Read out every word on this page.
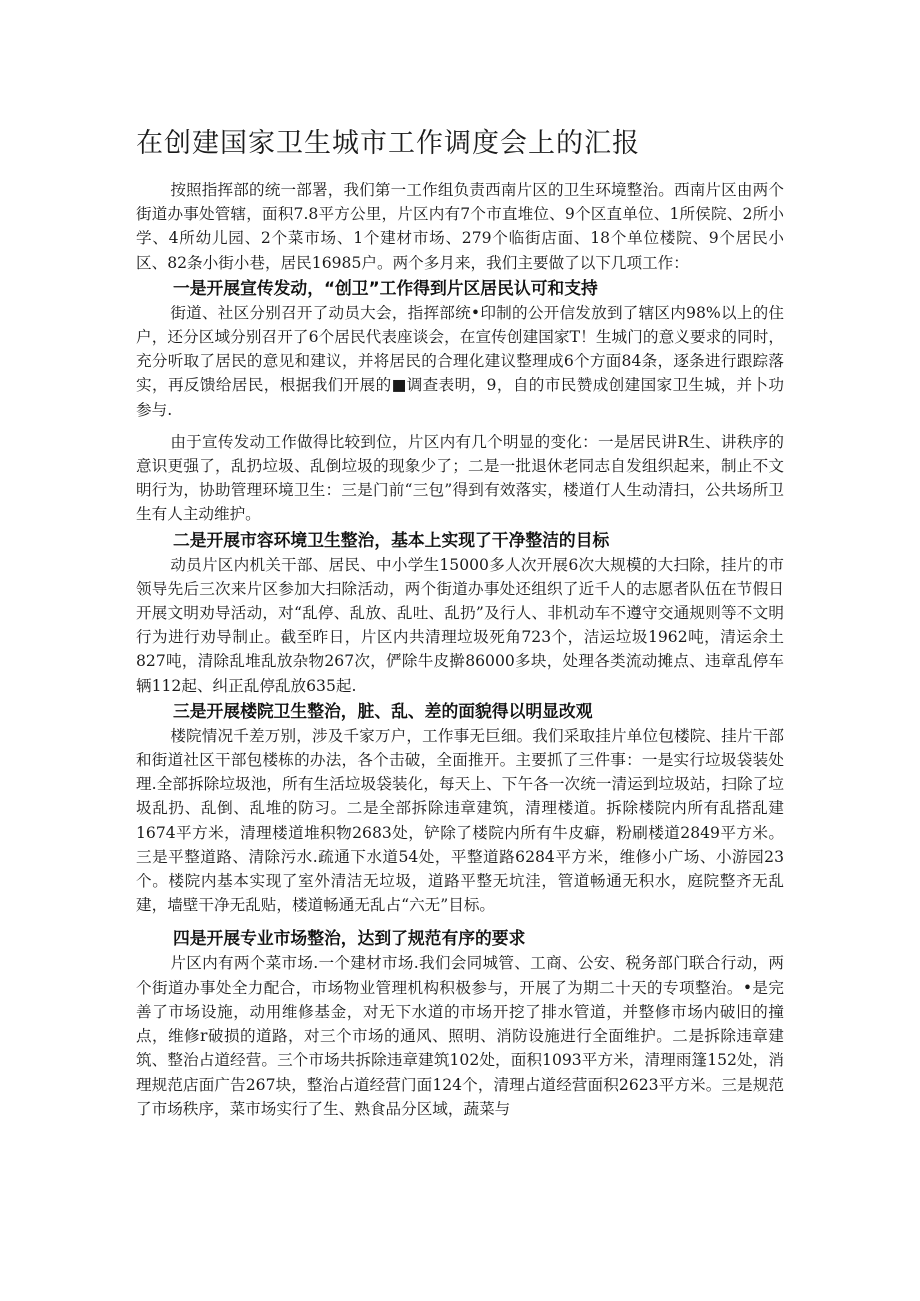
在创建国家卫生城市工作调度会上的汇报

按照指挥部的统一部署，我们第一工作组负责西南片区的卫生环境整治。西南片区由两个街道办事处管辖，面积7.8平方公里，片区内有7个市直堆位、9个区直单位、1所侯院、2所小学、4所幼儿园、2个菜市场、1个建材市场、279个临街店面、18个单位楼院、9个居民小区、82条小街小巷，居民16985户。两个多月来，我们主要做了以下几项工作：

一是开展宣传发动，“创卫”工作得到片区居民认可和支持

街道、社区分别召开了动员大会，指挥部统•印制的公开信发放到了辖区内98%以上的住户，还分区域分别召开了6个居民代表座谈会，在宣传创建国家T！生城门的意义要求的同时，充分听取了居民的意见和建议，并将居民的合理化建议整理成6个方面84条，逐条进行跟踪落实，再反馈给居民，根据我们开展的■调查表明，9，自的市民赞成创建国家卫生城，并卜功参与.

由于宣传发动工作做得比较到位，片区内有几个明显的变化：一是居民讲R生、讲秩序的意识更强了，乱扔垃圾、乱倒垃圾的现象少了；二是一批退休老同志自发组织起来，制止不文明行为，协助管理环境卫生：三是门前“三包”得到有效落实，楼道仃人生动清扫，公共场所卫生有人主动维护。

二是开展市容环境卫生整治，基本上实现了干净整洁的目标

动员片区内机关干部、居民、中小学生15000多人次开展6次大规模的大扫除，挂片的市领导先后三次来片区参加大扫除活动，两个街道办事处还组织了近千人的志愿者队伍在节假日开展文明劝导活动，对“乱停、乱放、乱吐、乱扔”及行人、非机动车不遵守交通规则等不文明行为进行劝导制止。截至昨日，片区内共清理垃圾死角723个，洁运垃圾1962吨，清运余土827吨，清除乱堆乱放杂物267次，俨除牛皮擀86000多块，处理各类流动摊点、违章乱停车辆112起、纠正乱停乱放635起.

三是开展楼院卫生整治，脏、乱、差的面貌得以明显改观

楼院情况千差万别，涉及千家万户，工作事无巨细。我们采取挂片单位包楼院、挂片干部和街道社区干部包楼栋的办法，各个击破，全面推开。主要抓了三件事：一是实行垃圾袋装处理.全部拆除垃圾池，所有生活垃圾袋装化，每天上、下午各一次统一清运到垃圾站，扫除了垃圾乱扔、乱倒、乱堆的防习。二是全部拆除违章建筑，清理楼道。拆除楼院内所有乱搭乱建1674平方米，清理楼道堆积物2683处，铲除了楼院内所有牛皮癖，粉刷楼道2849平方米。三是平整道路、清除污水.疏通下水道54处，平整道路6284平方米，维修小广场、小游园23个。楼院内基本实现了室外清洁无垃圾，道路平整无坑洼，管道畅通无积水，庭院整齐无乱建，墙壁干净无乱贴，楼道畅通无乱占“六无”目标。

四是开展专业市场整治，达到了规范有序的要求

片区内有两个菜市场.一个建材市场.我们会同城管、工商、公安、税务部门联合行动，两个街道办事处全力配合，市场物业管理机构积极参与，开展了为期二十天的专项整治。•是完善了市场设施，动用维修基金，对无下水道的市场开挖了排水管道，并整修市场内破旧的撞点，维修r破损的道路，对三个市场的通风、照明、消防设施进行全面维护。二是拆除违章建筑、整治占道经营。三个市场共拆除违章建筑102处，面积1093平方米，清理雨篷152处，消理规范店面广告267块，整治占道经营门面124个，清理占道经营面积2623平方米。三是规范了市场秩序，菜市场实行了生、熟食品分区域，蔬菜与
